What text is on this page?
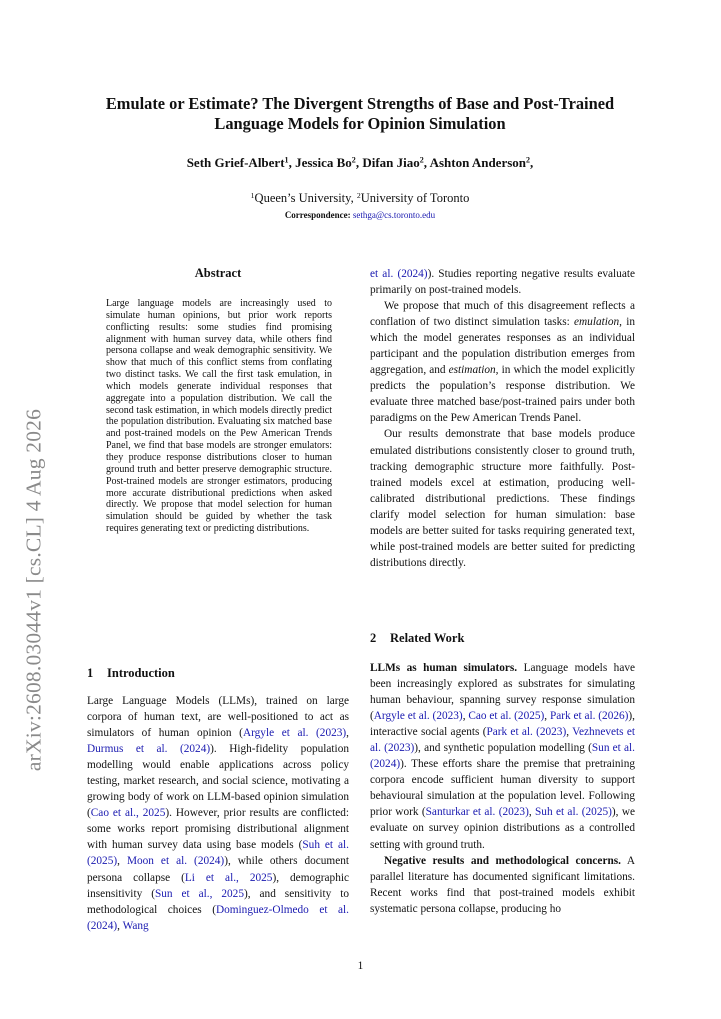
arXiv:2608.03044v1 [cs.CL] 4 Aug 2026
Emulate or Estimate? The Divergent Strengths of Base and Post-Trained Language Models for Opinion Simulation
Seth Grief-Albert$^1$, Jessica Bo$^2$, Difan Jiao$^2$, Ashton Anderson$^2$,
$^1$Queen’s University, $^2$University of Toronto
Correspondence: sethga@cs.toronto.edu
Abstract
Large language models are increasingly used to simulate human opinions, but prior work reports conflicting results: some studies find promising alignment with human survey data, while others find persona collapse and weak demographic sensitivity. We show that much of this conflict stems from conflating two distinct tasks. We call the first task emulation, in which models generate individual responses that aggregate into a population distribution. We call the second task estimation, in which models directly predict the population distribution. Evaluating six matched base and post-trained models on the Pew American Trends Panel, we find that base models are stronger emulators: they produce response distributions closer to human ground truth and better preserve demographic structure. Post-trained models are stronger estimators, producing more accurate distributional predictions when asked directly. We propose that model selection for human simulation should be guided by whether the task requires generating text or predicting distributions.
1 Introduction

Large Language Models (LLMs), trained on large corpora of human text, are well-positioned to act as simulators of human opinion (Argyle et al. (2023), Durmus et al. (2024)). High-fidelity population modelling would enable applications across policy testing, market research, and social science, motivating a growing body of work on LLM-based opinion simulation (Cao et al., 2025). However, prior results are conflicted: some works report promising distributional alignment with human survey data using base models (Suh et al. (2025), Moon et al. (2024)), while others document persona collapse (Li et al., 2025), demographic insensitivity (Sun et al., 2025), and sensitivity to methodological choices (Dominguez-Olmedo et al. (2024), Wang

et al. (2024)). Studies reporting negative results evaluate primarily on post-trained models.

We propose that much of this disagreement reflects a conflation of two distinct simulation tasks: emulation, in which the model generates responses as an individual participant and the population distribution emerges from aggregation, and estimation, in which the model explicitly predicts the population’s response distribution. We evaluate three matched base/post-trained pairs under both paradigms on the Pew American Trends Panel.

Our results demonstrate that base models produce emulated distributions consistently closer to ground truth, tracking demographic structure more faithfully. Post-trained models excel at estimation, producing well-calibrated distributional predictions. These findings clarify model selection for human simulation: base models are better suited for tasks requiring generated text, while post-trained models are better suited for predicting distributions directly.

2 Related Work

LLMs as human simulators. Language models have been increasingly explored as substrates for simulating human behaviour, spanning survey response simulation (Argyle et al. (2023), Cao et al. (2025), Park et al. (2026)), interactive social agents (Park et al. (2023), Vezhnevets et al. (2023)), and synthetic population modelling (Sun et al. (2024)). These efforts share the premise that pretraining corpora encode sufficient human diversity to support behavioural simulation at the population level. Following prior work (Santurkar et al. (2023), Suh et al. (2025)), we evaluate on survey opinion distributions as a controlled setting with ground truth.

Negative results and methodological concerns. A parallel literature has documented significant limitations. Recent works find that post-trained models exhibit systematic persona collapse, producing ho

1
